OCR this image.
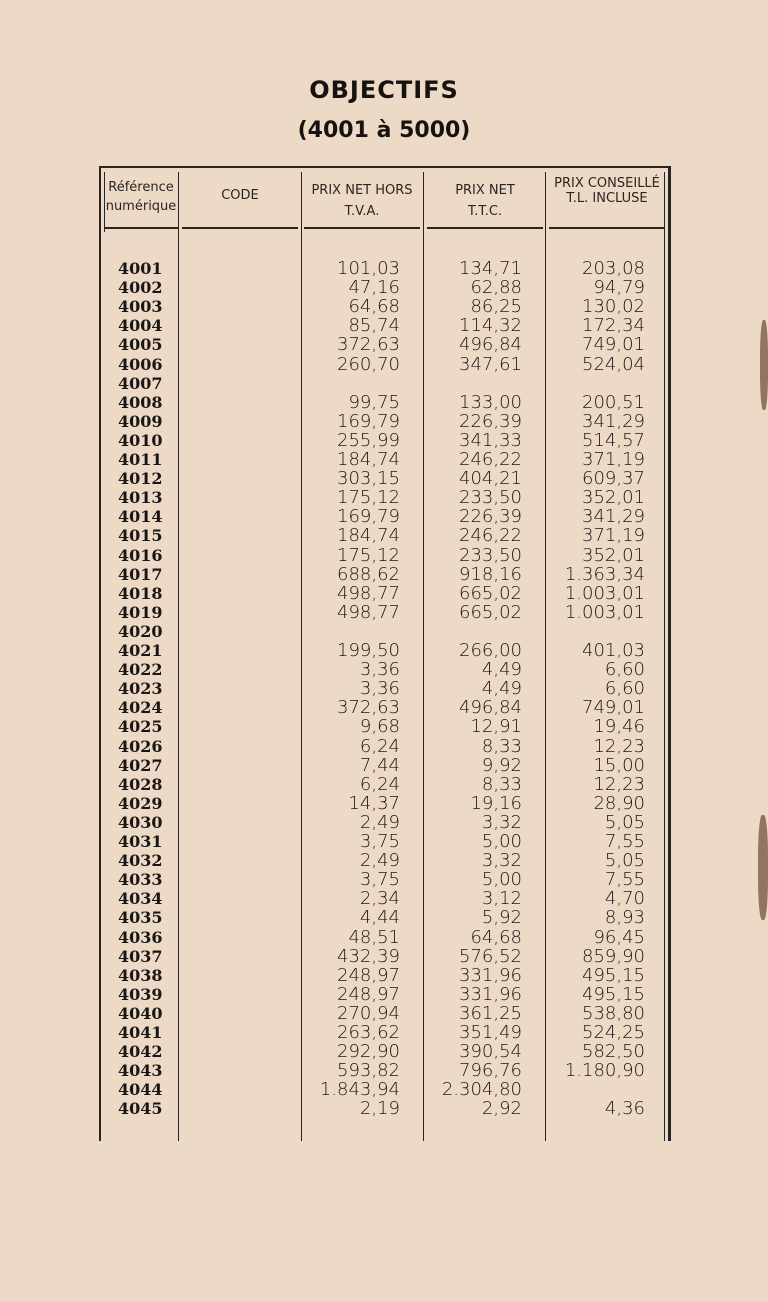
OBJECTIFS
(4001 à 5000)
Référence numérique
CODE	PRIX NET HORS T.V.A.
PRIX NET T.T.C.
PRIX CONSEILLÉ T.L. INCLUSE
4001	101,03	134,71	203,08
4002	47,16	62,88	94,79
4003	64,68	86,25	130,02
4004	85,74	114,32	172,34
4005	372,63	496,84	749,01
4006	260,70	347,61	524,04
4007
4008	99,75	133,00	200,51
4009	169,79	226,39	341,29
4010	255,99	341,33	514,57
4011	184,74	246,22	371,19
4012	303,15	404,21	609,37
4013	175,12	233,50	352,01
4014	169,79	226,39	341,29
4015	184,74	246,22	371,19
4016	175,12	233,50	352,01
4017	688,62	918,16	1.363,34
4018	498,77	665,02	1.003,01
4019	498,77	665,02	1.003,01
4020
4021	199,50	266,00	401,03
4022	3,36	4,49	6,60
4023	3,36	4,49	6,60
4024	372,63	496,84	749,01
4025	9,68	12,91	19,46
4026	6,24	8,33	12,23
4027	7,44	9,92	15,00
4028	6,24	8,33	12,23
4029	14,37	19,16	28,90
4030	2,49	3,32	5,05
4031	3,75	5,00	7,55
4032	2,49	3,32	5,05
4033	3,75	5,00	7,55
4034	2,34	3,12	4,70
4035	4,44	5,92	8,93
4036	48,51	64,68	96,45
4037	432,39	576,52	859,90
4038	248,97	331,96	495,15
4039	248,97	331,96	495,15
4040	270,94	361,25	538,80
4041	263,62	351,49	524,25
4042	292,90	390,54	582,50
4043	593,82	796,76	1.180,90
4044	1.843,94	2.304,80
4045	2,19	2,92	4,36
